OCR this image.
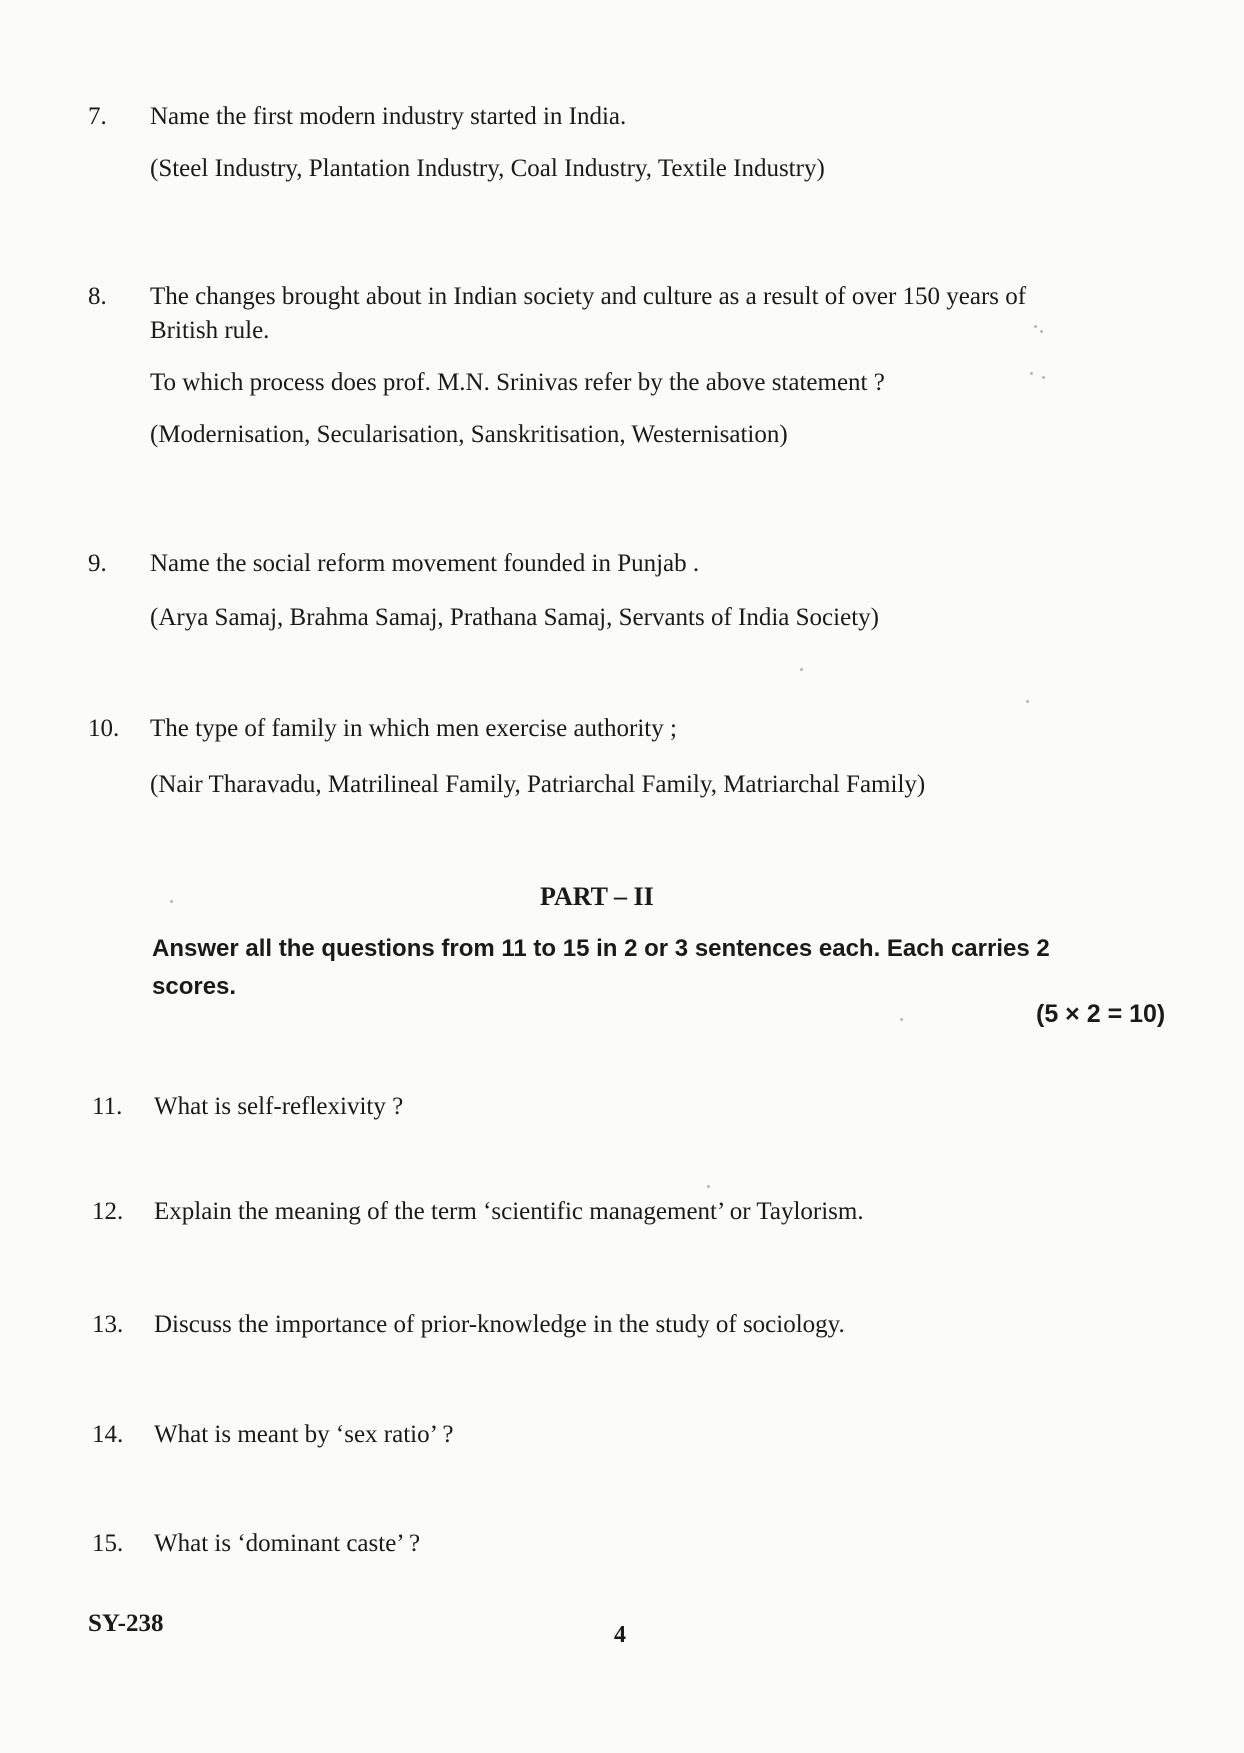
7.	Name the first modern industry started in India.
(Steel Industry, Plantation Industry, Coal Industry, Textile Industry)
8.	The changes brought about in Indian society and culture as a result of over 150 years of
British rule.
To which process does prof. M.N. Srinivas refer by the above statement ?
(Modernisation, Secularisation, Sanskritisation, Westernisation)
9.	Name the social reform movement founded in Punjab .
(Arya Samaj, Brahma Samaj, Prathana Samaj, Servants of India Society)
10.	The type of family in which men exercise authority ;
(Nair Tharavadu, Matrilineal Family, Patriarchal Family, Matriarchal Family)
PART – II
Answer all the questions from 11 to 15 in 2 or 3 sentences each. Each carries 2 scores.
(5 × 2 = 10)
11.	What is self-reflexivity ?
12.	Explain the meaning of the term ‘scientific management’ or Taylorism.
13.	Discuss the importance of prior-knowledge in the study of sociology.
14.	What is meant by ‘sex ratio’ ?
15.	What is ‘dominant caste’ ?
SY-238	4
